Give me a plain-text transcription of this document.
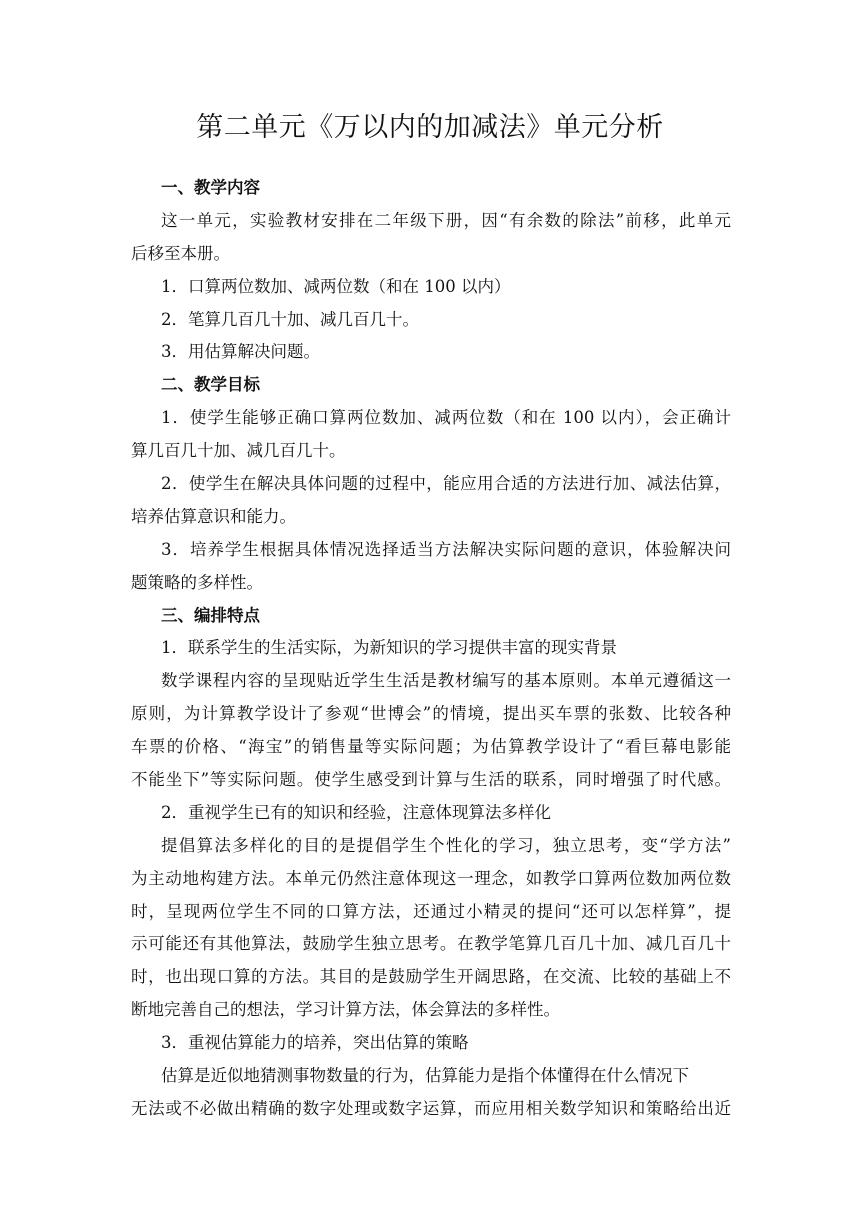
第二单元《万以内的加减法》单元分析
一、教学内容
这一单元，实验教材安排在二年级下册，因“有余数的除法”前移，此单元
后移至本册。
1．口算两位数加、减两位数（和在 100 以内）
2．笔算几百几十加、减几百几十。
3．用估算解决问题。
二、教学目标
1．使学生能够正确口算两位数加、减两位数（和在 100 以内），会正确计
算几百几十加、减几百几十。
2．使学生在解决具体问题的过程中，能应用合适的方法进行加、减法估算，
培养估算意识和能力。
3．培养学生根据具体情况选择适当方法解决实际问题的意识，体验解决问
题策略的多样性。
三、编排特点
1．联系学生的生活实际，为新知识的学习提供丰富的现实背景
数学课程内容的呈现贴近学生生活是教材编写的基本原则。本单元遵循这一
原则，为计算教学设计了参观“世博会”的情境，提出买车票的张数、比较各种
车票的价格、“海宝”的销售量等实际问题；为估算教学设计了“看巨幕电影能
不能坐下”等实际问题。使学生感受到计算与生活的联系，同时增强了时代感。
2．重视学生已有的知识和经验，注意体现算法多样化
提倡算法多样化的目的是提倡学生个性化的学习，独立思考，变“学方法”
为主动地构建方法。本单元仍然注意体现这一理念，如教学口算两位数加两位数
时，呈现两位学生不同的口算方法，还通过小精灵的提问“还可以怎样算”，提
示可能还有其他算法，鼓励学生独立思考。在教学笔算几百几十加、减几百几十
时，也出现口算的方法。其目的是鼓励学生开阔思路，在交流、比较的基础上不
断地完善自己的想法，学习计算方法，体会算法的多样性。
3．重视估算能力的培养，突出估算的策略
估算是近似地猜测事物数量的行为，估算能力是指个体懂得在什么情况下
无法或不必做出精确的数字处理或数字运算，而应用相关数学知识和策略给出近
